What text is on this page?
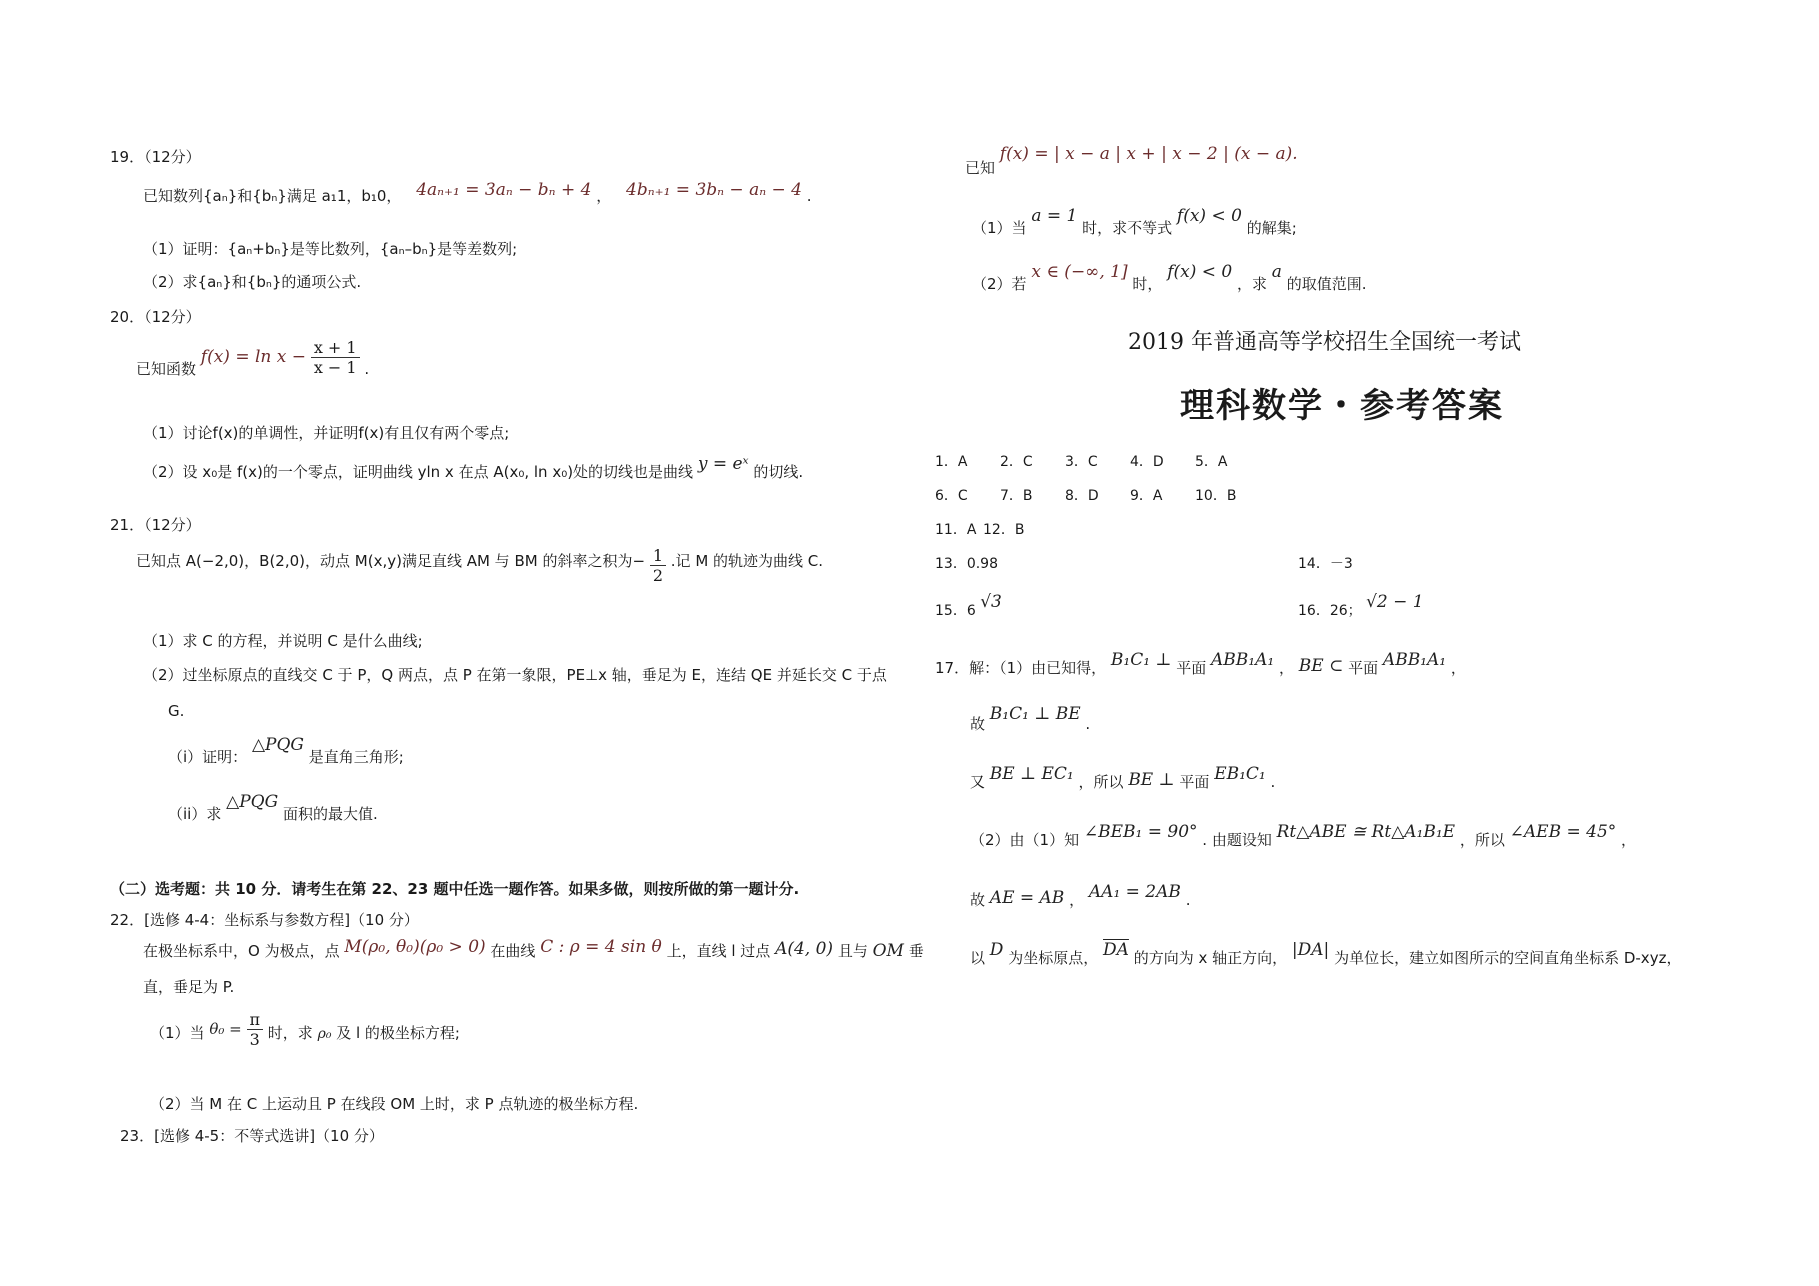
19．（12分）
已知数列{aₙ}和{bₙ}满足 a₁1，b₁0， 4aₙ₊₁ = 3aₙ − bₙ + 4 ， 4bₙ₊₁ = 3bₙ − aₙ − 4 .
（1）证明：{aₙ+bₙ}是等比数列，{aₙ–bₙ}是等差数列;
（2）求{aₙ}和{bₙ}的通项公式.
20．（12分）
已知函数 $f(x) = \ln x - \frac{x + 1}{x - 1}$ .
（1）讨论f(x)的单调性，并证明f(x)有且仅有两个零点;
（2）设 x₀是 f(x)的一个零点，证明曲线 yln x 在点 A(x₀, ln x₀)处的切线也是曲线 y = eˣ 的切线.
21．（12分）
已知点 A(−2,0)，B(2,0)，动点 M(x,y)满足直线 AM 与 BM 的斜率之积为− $\frac{1}{2}$ .记 M 的轨迹为曲线 C.
（1）求 C 的方程，并说明 C 是什么曲线;
（2）过坐标原点的直线交 C 于 P，Q 两点，点 P 在第一象限，PE⊥x 轴，垂足为 E，连结 QE 并延长交 C 于点
G.
（i）证明： △PQG 是直角三角形;
（ii）求 △PQG 面积的最大值.
（二）选考题：共 10 分．请考生在第 22、23 题中任选一题作答。如果多做，则按所做的第一题计分.
22．[选修 4-4：坐标系与参数方程]（10 分）
在极坐标系中，O 为极点，点 M(ρ₀, θ₀)(ρ₀ > 0) 在曲线 C : ρ = 4 sin θ 上，直线 l 过点 A(4, 0) 且与 OM 垂
直，垂足为 P.
（1）当 $\theta_0 = \frac{\pi}{3}$ 时，求 ρ₀ 及 l 的极坐标方程;
（2）当 M 在 C 上运动且 P 在线段 OM 上时，求 P 点轨迹的极坐标方程.
23．[选修 4-5：不等式选讲]（10 分）
已知 f(x) = | x − a | x + | x − 2 | (x − a).
（1）当 a = 1 时，求不等式 f(x) < 0 的解集;
（2）若 x ∈ (−∞, 1] 时， f(x) < 0 ，求 a 的取值范围.
2019 年普通高等学校招生全国统一考试
理科数学・参考答案
1．A 2．C 3．C 4．D 5．A
6．C 7．B 8．D 9．A 10．B
11．A 12．B
13．0.98	14．－3
15．6 √3	16．26； √2 − 1
17．解：（1）由已知得， B₁C₁ ⊥ 平面 ABB₁A₁ ， BE ⊂ 平面 ABB₁A₁ ，
故 B₁C₁ ⊥ BE .
又 BE ⊥ EC₁ ，所以 BE ⊥ 平面 EB₁C₁ .
（2）由（1）知 ∠BEB₁ = 90° . 由题设知 Rt△ABE ≅ Rt△A₁B₁E ，所以 ∠AEB = 45° ，
故 AE = AB ， AA₁ = 2AB .
以 D 为坐标原点， $\overline{DA}$ 的方向为 x 轴正方向， |DA| 为单位长，建立如图所示的空间直角坐标系 D-xyz，
